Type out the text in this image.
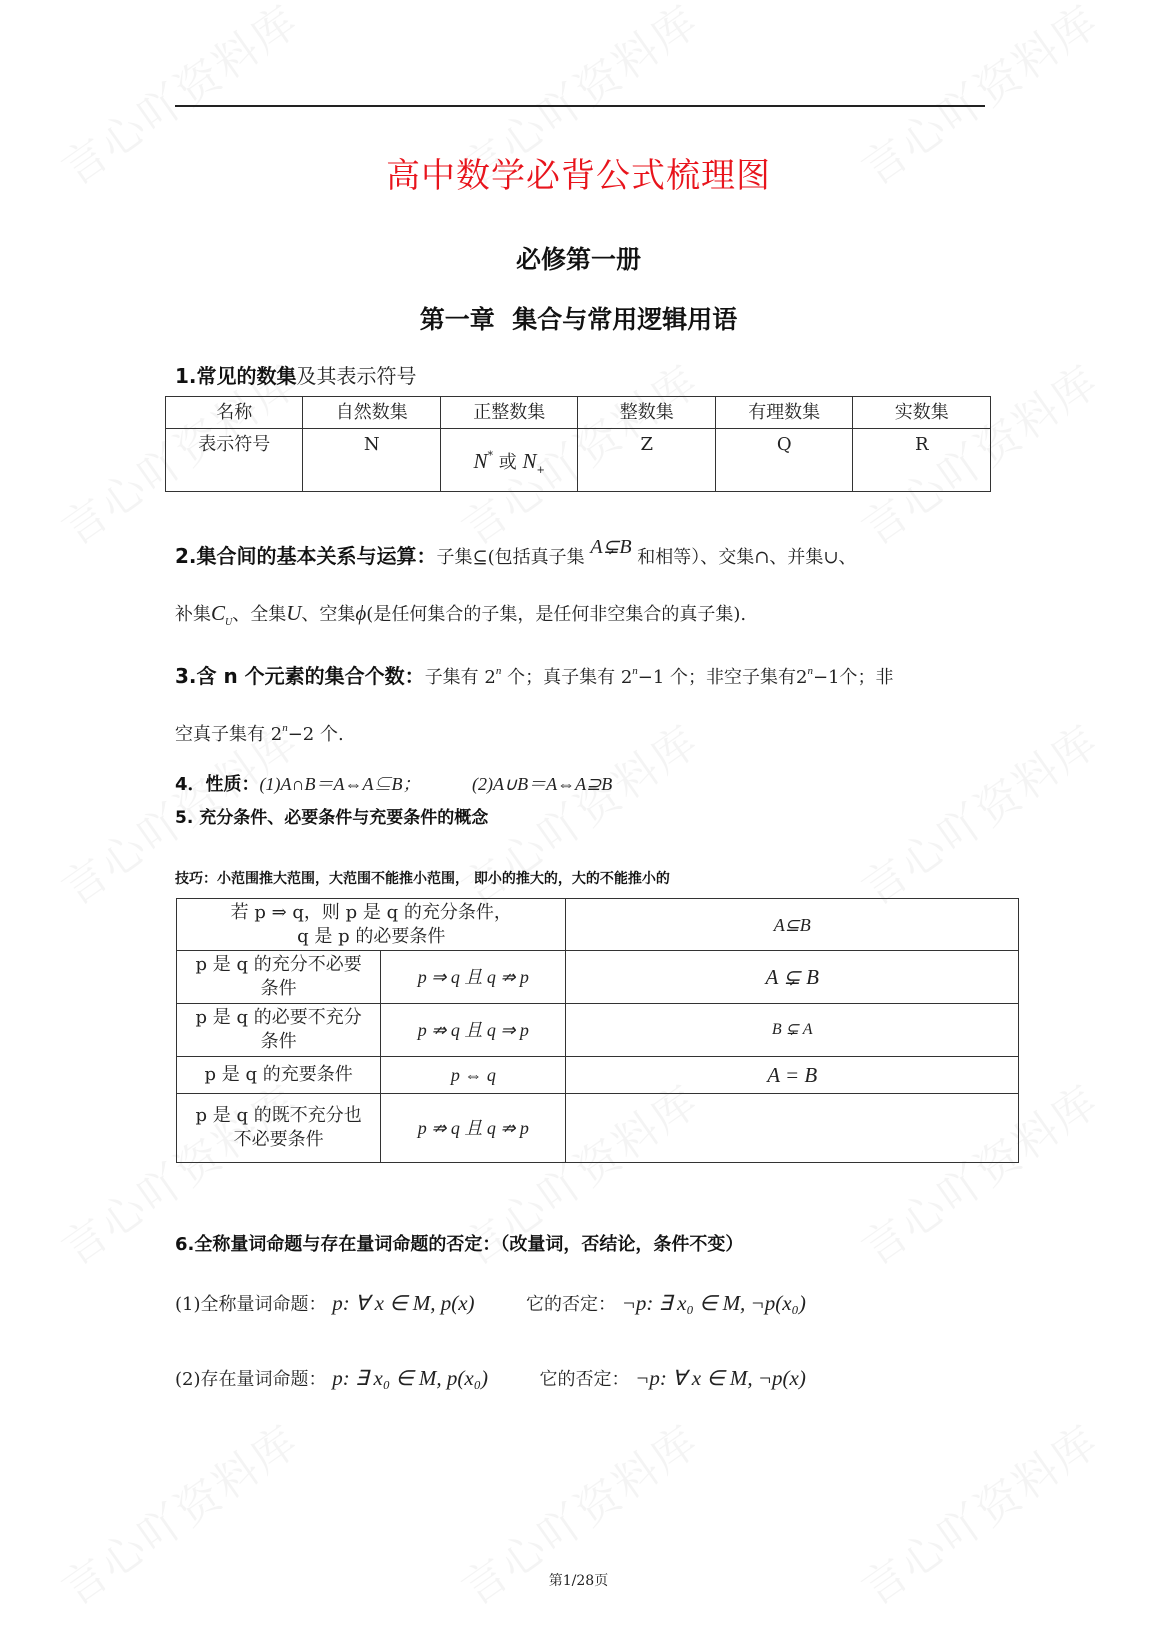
高中数学必背公式梳理图
必修第一册
第一章  集合与常用逻辑用语
1.常见的数集及其表示符号
名称	自然数集	正整数集	整数集	有理数集	实数集
表示符号	N	N* 或 $N_+$	Z	Q	R
2.集合间的基本关系与运算：子集⊆(包括真子集 A⊊B 和相等）、交集∩、并集∪、
补集$C_U$、全集U、空集ϕ(是任何集合的子集，是任何非空集合的真子集).
3.含 n 个元素的集合个数：子集有 2$^n$ 个；真子集有 $2^n-1$ 个；非空子集有$2^n-1$个；非
空真子集有 $2^n-2$ 个.
4．性质：(1)A∩B＝A⇔A⊆B；	(2)A∪B＝A⇔A⊇B
5. 充分条件、必要条件与充要条件的概念
技巧：小范围推大范围，大范围不能推小范围， 即小的推大的，大的不能推小的
若 p ⇒ q，则 p 是 q 的充分条件，
q 是 p 的必要条件		A⊆B
p 是 q 的充分不必要
条件	p ⇒ q 且 q ⇏ p	A ⊊ B
p 是 q 的必要不充分
条件	p ⇏ q 且 q ⇒ p	B ⊊ A
p 是 q 的充要条件	p ⇔ q	A = B
p 是 q 的既不充分也
不必要条件	p ⇏ q 且 q ⇏ p	
6.全称量词命题与存在量词命题的否定：（改量词，否结论，条件不变）
(1)全称量词命题： p: ∀ x ∈ M, p(x)	它的否定： ¬p: ∃ x₀ ∈ M, ¬p(x₀)
(2)存在量词命题： p: ∃ x₀ ∈ M, p(x₀)	它的否定： ¬p: ∀ x ∈ M, ¬p(x)
第1/28页
